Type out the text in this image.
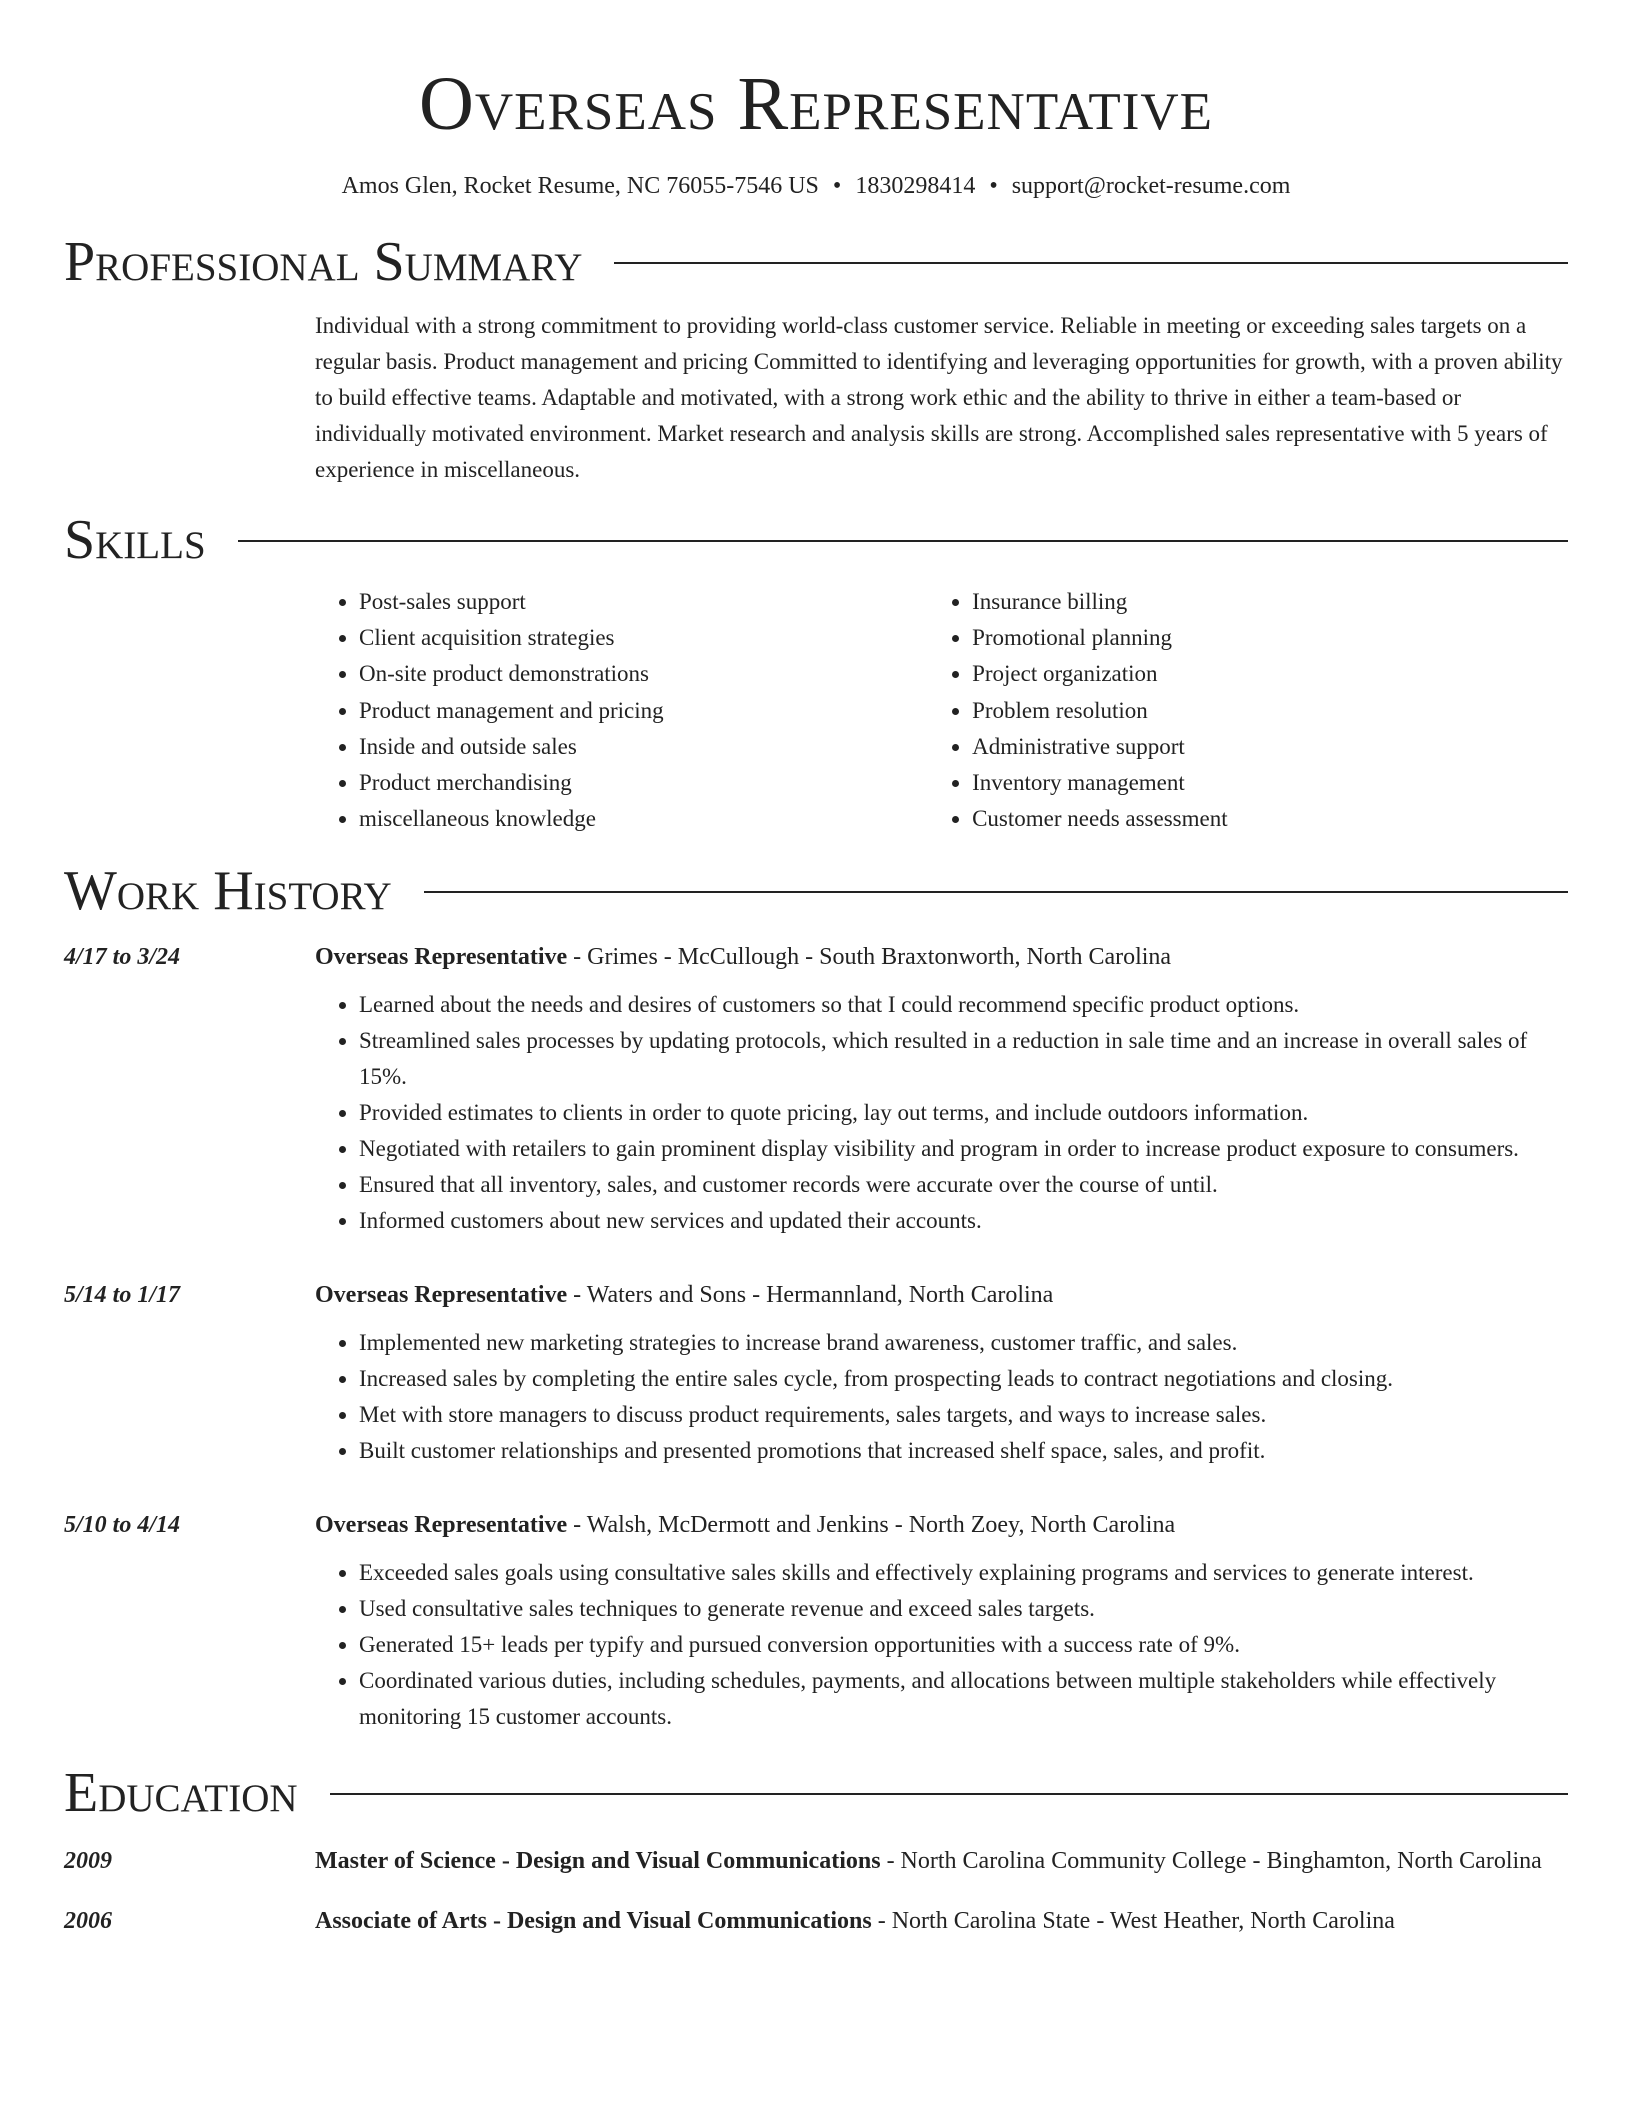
Overseas Representative
Amos Glen, Rocket Resume, NC 76055-7546 US • 1830298414 • support@rocket-resume.com
Professional Summary
Individual with a strong commitment to providing world-class customer service. Reliable in meeting or exceeding sales targets on a regular basis. Product management and pricing Committed to identifying and leveraging opportunities for growth, with a proven ability to build effective teams. Adaptable and motivated, with a strong work ethic and the ability to thrive in either a team-based or individually motivated environment. Market research and analysis skills are strong. Accomplished sales representative with 5 years of experience in miscellaneous.
Skills
• Post-sales support
• Client acquisition strategies
• On-site product demonstrations
• Product management and pricing
• Inside and outside sales
• Product merchandising
• miscellaneous knowledge
• Insurance billing
• Promotional planning
• Project organization
• Problem resolution
• Administrative support
• Inventory management
• Customer needs assessment
Work History
4/17 to 3/24	Overseas Representative - Grimes - McCullough - South Braxtonworth, North Carolina
• Learned about the needs and desires of customers so that I could recommend specific product options.
• Streamlined sales processes by updating protocols, which resulted in a reduction in sale time and an increase in overall sales of 15%.
• Provided estimates to clients in order to quote pricing, lay out terms, and include outdoors information.
• Negotiated with retailers to gain prominent display visibility and program in order to increase product exposure to consumers.
• Ensured that all inventory, sales, and customer records were accurate over the course of until.
• Informed customers about new services and updated their accounts.
5/14 to 1/17	Overseas Representative - Waters and Sons - Hermannland, North Carolina
• Implemented new marketing strategies to increase brand awareness, customer traffic, and sales.
• Increased sales by completing the entire sales cycle, from prospecting leads to contract negotiations and closing.
• Met with store managers to discuss product requirements, sales targets, and ways to increase sales.
• Built customer relationships and presented promotions that increased shelf space, sales, and profit.
5/10 to 4/14	Overseas Representative - Walsh, McDermott and Jenkins - North Zoey, North Carolina
• Exceeded sales goals using consultative sales skills and effectively explaining programs and services to generate interest.
• Used consultative sales techniques to generate revenue and exceed sales targets.
• Generated 15+ leads per typify and pursued conversion opportunities with a success rate of 9%.
• Coordinated various duties, including schedules, payments, and allocations between multiple stakeholders while effectively monitoring 15 customer accounts.
Education
2009	Master of Science - Design and Visual Communications - North Carolina Community College - Binghamton, North Carolina
2006	Associate of Arts - Design and Visual Communications - North Carolina State - West Heather, North Carolina
